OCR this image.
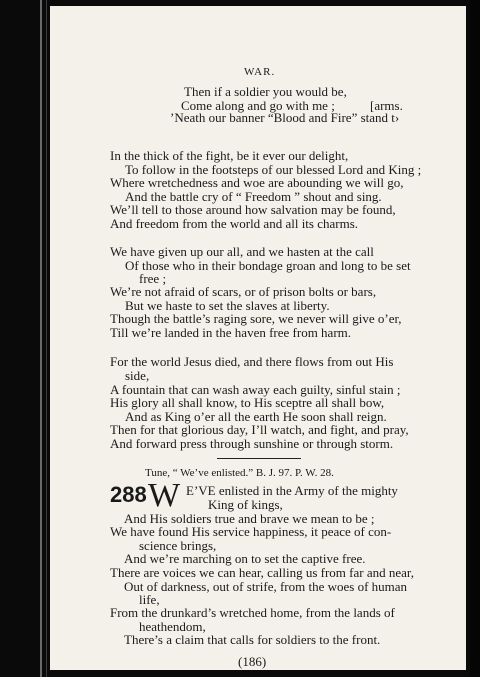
WAR.

Then if a soldier you would be,

Come along and go with me ;	[arms.

’Neath our banner “Blood and Fire” stand t›

In the thick of the fight, be it ever our delight,

To follow in the footsteps of our blessed Lord and King ;

Where wretchedness and woe are abounding we will go,

And the battle cry of “ Freedom ” shout and sing.

We’ll tell to those around how salvation may be found,

And freedom from the world and all its charms.

We have given up our all, and we hasten at the call

Of those who in their bondage groan and long to be set

free ;

We’re not afraid of scars, or of prison bolts or bars,

But we haste to set the slaves at liberty.

Though the battle’s raging sore, we never will give o’er,

Till we’re landed in the haven free from harm.

For the world Jesus died, and there flows from out His

side,

A fountain that can wash away each guilty, sinful stain ;

His glory all shall know, to His sceptre all shall bow,

And as King o’er all the earth He soon shall reign.

Then for that glorious day, I’ll watch, and fight, and pray,

And forward press through sunshine or through storm.

Tune, “ We’ve enlisted.” B. J. 97. P. W. 28.

288 W E’VE enlisted in the Army of the mighty

King of kings,

And His soldiers true and brave we mean to be ;

We have found His service happiness, it peace of con-

science brings,

And we’re marching on to set the captive free.

There are voices we can hear, calling us from far and near,

Out of darkness, out of strife, from the woes of human

life,

From the drunkard’s wretched home, from the lands of

heathendom,

There’s a claim that calls for soldiers to the front.

(186)
